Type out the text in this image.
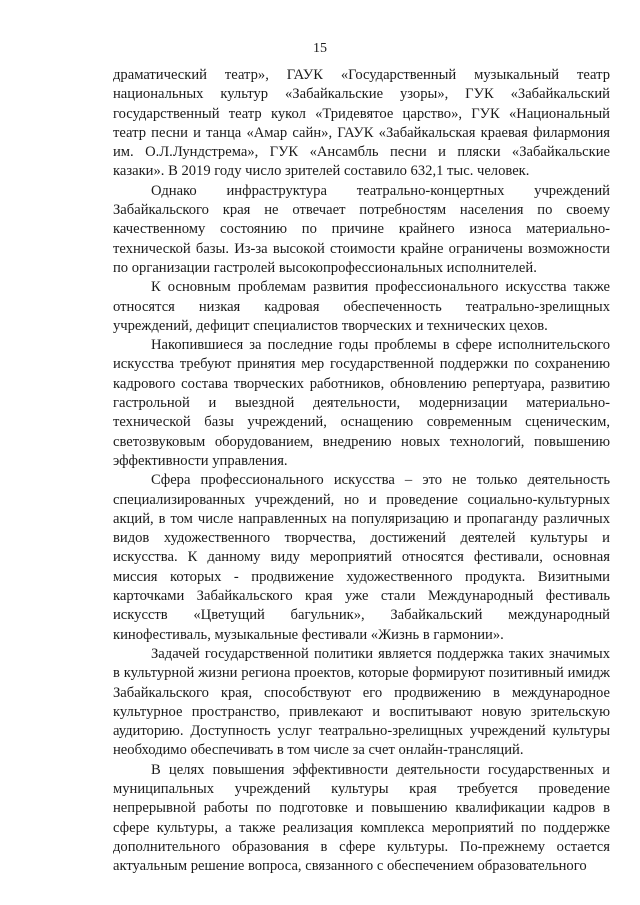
15

драматический театр», ГАУК «Государственный музыкальный театр национальных культур «Забайкальские узоры», ГУК «Забайкальский государственный театр кукол «Тридевятое царство», ГУК «Национальный театр песни и танца «Амар сайн», ГАУК «Забайкальская краевая филармония им. О.Л.Лундстрема», ГУК «Ансамбль песни и пляски «Забайкальские казаки». В 2019 году число зрителей составило 632,1 тыс. человек.

Однако инфраструктура театрально-концертных учреждений Забайкальского края не отвечает потребностям населения по своему качественному состоянию по причине крайнего износа материально-технической базы. Из-за высокой стоимости крайне ограничены возможности по организации гастролей высокопрофессиональных исполнителей.

К основным проблемам развития профессионального искусства также относятся низкая кадровая обеспеченность театрально-зрелищных учреждений, дефицит специалистов творческих и технических цехов.

Накопившиеся за последние годы проблемы в сфере исполнительского искусства требуют принятия мер государственной поддержки по сохранению кадрового состава творческих работников, обновлению репертуара, развитию гастрольной и выездной деятельности, модернизации материально-технической базы учреждений, оснащению современным сценическим, светозвуковым оборудованием, внедрению новых технологий, повышению эффективности управления.

Сфера профессионального искусства – это не только деятельность специализированных учреждений, но и проведение социально-культурных акций, в том числе направленных на популяризацию и пропаганду различных видов художественного творчества, достижений деятелей культуры и искусства. К данному виду мероприятий относятся фестивали, основная миссия которых - продвижение художественного продукта. Визитными карточками Забайкальского края уже стали Международный фестиваль искусств «Цветущий багульник», Забайкальский международный кинофестиваль, музыкальные фестивали «Жизнь в гармонии».

Задачей государственной политики является поддержка таких значимых в культурной жизни региона проектов, которые формируют позитивный имидж Забайкальского края, способствуют его продвижению в международное культурное пространство, привлекают и воспитывают новую зрительскую аудиторию. Доступность услуг театрально-зрелищных учреждений культуры необходимо обеспечивать в том числе за счет онлайн-трансляций.

В целях повышения эффективности деятельности государственных и муниципальных учреждений культуры края требуется проведение непрерывной работы по подготовке и повышению квалификации кадров в сфере культуры, а также реализация комплекса мероприятий по поддержке дополнительного образования в сфере культуры. По-прежнему остается актуальным решение вопроса, связанного с обеспечением образовательного
